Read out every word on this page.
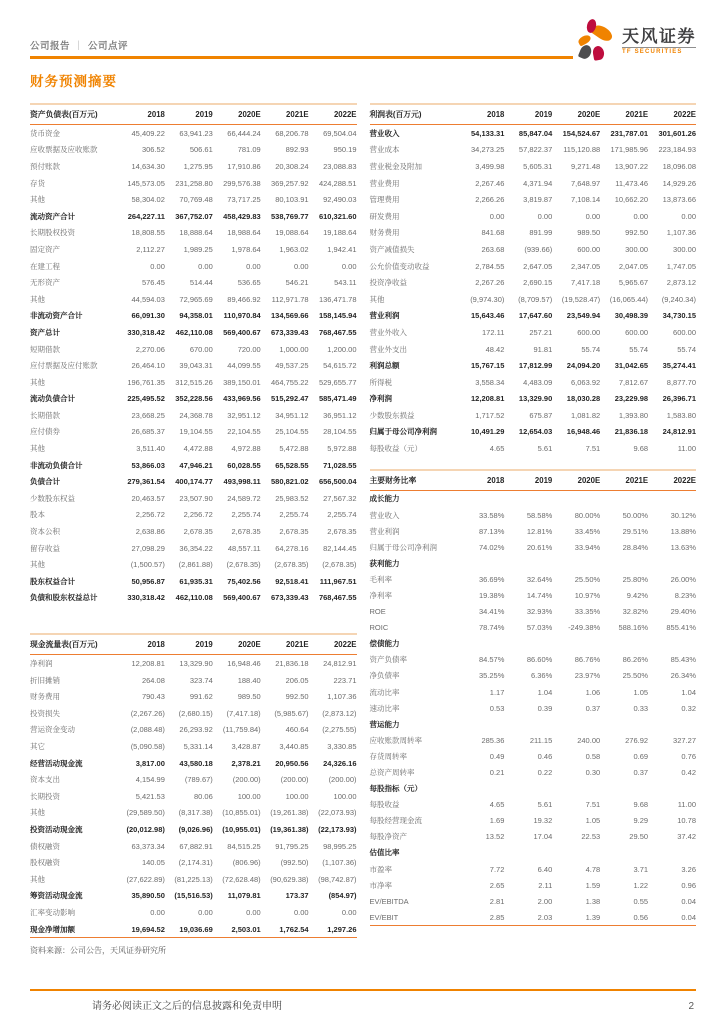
公司报告 ｜ 公司点评
天风证券
TF SECURITIES
财务预测摘要
资产负债表(百万元)	2018	2019	2020E	2021E	2022E
货币资金	45,409.22	63,941.23	66,444.24	68,206.78	69,504.04
应收票据及应收账款	306.52	506.61	781.09	892.93	950.19
预付账款	14,634.30	1,275.95	17,910.86	20,308.24	23,088.83
存货	145,573.05	231,258.80	299,576.38	369,257.92	424,288.51
其他	58,304.02	70,769.48	73,717.25	80,103.91	92,490.03
流动资产合计	264,227.11	367,752.07	458,429.83	538,769.77	610,321.60
长期股权投资	18,808.55	18,888.64	18,988.64	19,088.64	19,188.64
固定资产	2,112.27	1,989.25	1,978.64	1,963.02	1,942.41
在建工程	0.00	0.00	0.00	0.00	0.00
无形资产	576.45	514.44	536.65	546.21	543.11
其他	44,594.03	72,965.69	89,466.92	112,971.78	136,471.78
非流动资产合计	66,091.30	94,358.01	110,970.84	134,569.66	158,145.94
资产总计	330,318.42	462,110.08	569,400.67	673,339.43	768,467.55
短期借款	2,270.06	670.00	720.00	1,000.00	1,200.00
应付票据及应付账款	26,464.10	39,043.31	44,099.55	49,537.25	54,615.72
其他	196,761.35	312,515.26	389,150.01	464,755.22	529,655.77
流动负债合计	225,495.52	352,228.56	433,969.56	515,292.47	585,471.49
长期借款	23,668.25	24,368.78	32,951.12	34,951.12	36,951.12
应付债券	26,685.37	19,104.55	22,104.55	25,104.55	28,104.55
其他	3,511.40	4,472.88	4,972.88	5,472.88	5,972.88
非流动负债合计	53,866.03	47,946.21	60,028.55	65,528.55	71,028.55
负债合计	279,361.54	400,174.77	493,998.11	580,821.02	656,500.04
少数股东权益	20,463.57	23,507.90	24,589.72	25,983.52	27,567.32
股本	2,256.72	2,256.72	2,255.74	2,255.74	2,255.74
资本公积	2,638.86	2,678.35	2,678.35	2,678.35	2,678.35
留存收益	27,098.29	36,354.22	48,557.11	64,278.16	82,144.45
其他	(1,500.57)	(2,861.88)	(2,678.35)	(2,678.35)	(2,678.35)
股东权益合计	50,956.87	61,935.31	75,402.56	92,518.41	111,967.51
负债和股东权益总计	330,318.42	462,110.08	569,400.67	673,339.43	768,467.55
现金流量表(百万元)	2018	2019	2020E	2021E	2022E
净利润	12,208.81	13,329.90	16,948.46	21,836.18	24,812.91
折旧摊销	264.08	323.74	188.40	206.05	223.71
财务费用	790.43	991.62	989.50	992.50	1,107.36
投资损失	(2,267.26)	(2,680.15)	(7,417.18)	(5,985.67)	(2,873.12)
营运资金变动	(2,088.48)	26,293.92	(11,759.84)	460.64	(2,275.55)
其它	(5,090.58)	5,331.14	3,428.87	3,440.85	3,330.85
经营活动现金流	3,817.00	43,580.18	2,378.21	20,950.56	24,326.16
资本支出	4,154.99	(789.67)	(200.00)	(200.00)	(200.00)
长期投资	5,421.53	80.06	100.00	100.00	100.00
其他	(29,589.50)	(8,317.38)	(10,855.01)	(19,261.38)	(22,073.93)
投资活动现金流	(20,012.98)	(9,026.96)	(10,955.01)	(19,361.38)	(22,173.93)
债权融资	63,373.34	67,882.91	84,515.25	91,795.25	98,995.25
股权融资	140.05	(2,174.31)	(806.96)	(992.50)	(1,107.36)
其他	(27,622.89)	(81,225.13)	(72,628.48)	(90,629.38)	(98,742.87)
筹资活动现金流	35,890.50	(15,516.53)	11,079.81	173.37	(854.97)
汇率变动影响	0.00	0.00	0.00	0.00	0.00
现金净增加额	19,694.52	19,036.69	2,503.01	1,762.54	1,297.26
资料来源：公司公告，天风证券研究所
利润表(百万元)	2018	2019	2020E	2021E	2022E
营业收入	54,133.31	85,847.04	154,524.67	231,787.01	301,601.26
营业成本	34,273.25	57,822.37	115,120.88	171,985.96	223,184.93
营业税金及附加	3,499.98	5,605.31	9,271.48	13,907.22	18,096.08
营业费用	2,267.46	4,371.94	7,648.97	11,473.46	14,929.26
管理费用	2,266.26	3,819.87	7,108.14	10,662.20	13,873.66
研发费用	0.00	0.00	0.00	0.00	0.00
财务费用	841.68	891.99	989.50	992.50	1,107.36
资产减值损失	263.68	(939.66)	600.00	300.00	300.00
公允价值变动收益	2,784.55	2,647.05	2,347.05	2,047.05	1,747.05
投资净收益	2,267.26	2,690.15	7,417.18	5,965.67	2,873.12
其他	(9,974.30)	(8,709.57)	(19,528.47)	(16,065.44)	(9,240.34)
营业利润	15,643.46	17,647.60	23,549.94	30,498.39	34,730.15
营业外收入	172.11	257.21	600.00	600.00	600.00
营业外支出	48.42	91.81	55.74	55.74	55.74
利润总额	15,767.15	17,812.99	24,094.20	31,042.65	35,274.41
所得税	3,558.34	4,483.09	6,063.92	7,812.67	8,877.70
净利润	12,208.81	13,329.90	18,030.28	23,229.98	26,396.71
少数股东损益	1,717.52	675.87	1,081.82	1,393.80	1,583.80
归属于母公司净利润	10,491.29	12,654.03	16,948.46	21,836.18	24,812.91
每股收益（元）	4.65	5.61	7.51	9.68	11.00
主要财务比率	2018	2019	2020E	2021E	2022E
成长能力					
营业收入	33.58%	58.58%	80.00%	50.00%	30.12%
营业利润	87.13%	12.81%	33.45%	29.51%	13.88%
归属于母公司净利润	74.02%	20.61%	33.94%	28.84%	13.63%
获利能力					
毛利率	36.69%	32.64%	25.50%	25.80%	26.00%
净利率	19.38%	14.74%	10.97%	9.42%	8.23%
ROE	34.41%	32.93%	33.35%	32.82%	29.40%
ROIC	78.74%	57.03%	-249.38%	588.16%	855.41%
偿债能力					
资产负债率	84.57%	86.60%	86.76%	86.26%	85.43%
净负债率	35.25%	6.36%	23.97%	25.50%	26.34%
流动比率	1.17	1.04	1.06	1.05	1.04
速动比率	0.53	0.39	0.37	0.33	0.32
营运能力					
应收账款周转率	285.36	211.15	240.00	276.92	327.27
存货周转率	0.49	0.46	0.58	0.69	0.76
总资产周转率	0.21	0.22	0.30	0.37	0.42
每股指标（元）					
每股收益	4.65	5.61	7.51	9.68	11.00
每股经营现金流	1.69	19.32	1.05	9.29	10.78
每股净资产	13.52	17.04	22.53	29.50	37.42
估值比率					
市盈率	7.72	6.40	4.78	3.71	3.26
市净率	2.65	2.11	1.59	1.22	0.96
EV/EBITDA	2.81	2.00	1.38	0.55	0.04
EV/EBIT	2.85	2.03	1.39	0.56	0.04
请务必阅读正文之后的信息披露和免责申明	2
